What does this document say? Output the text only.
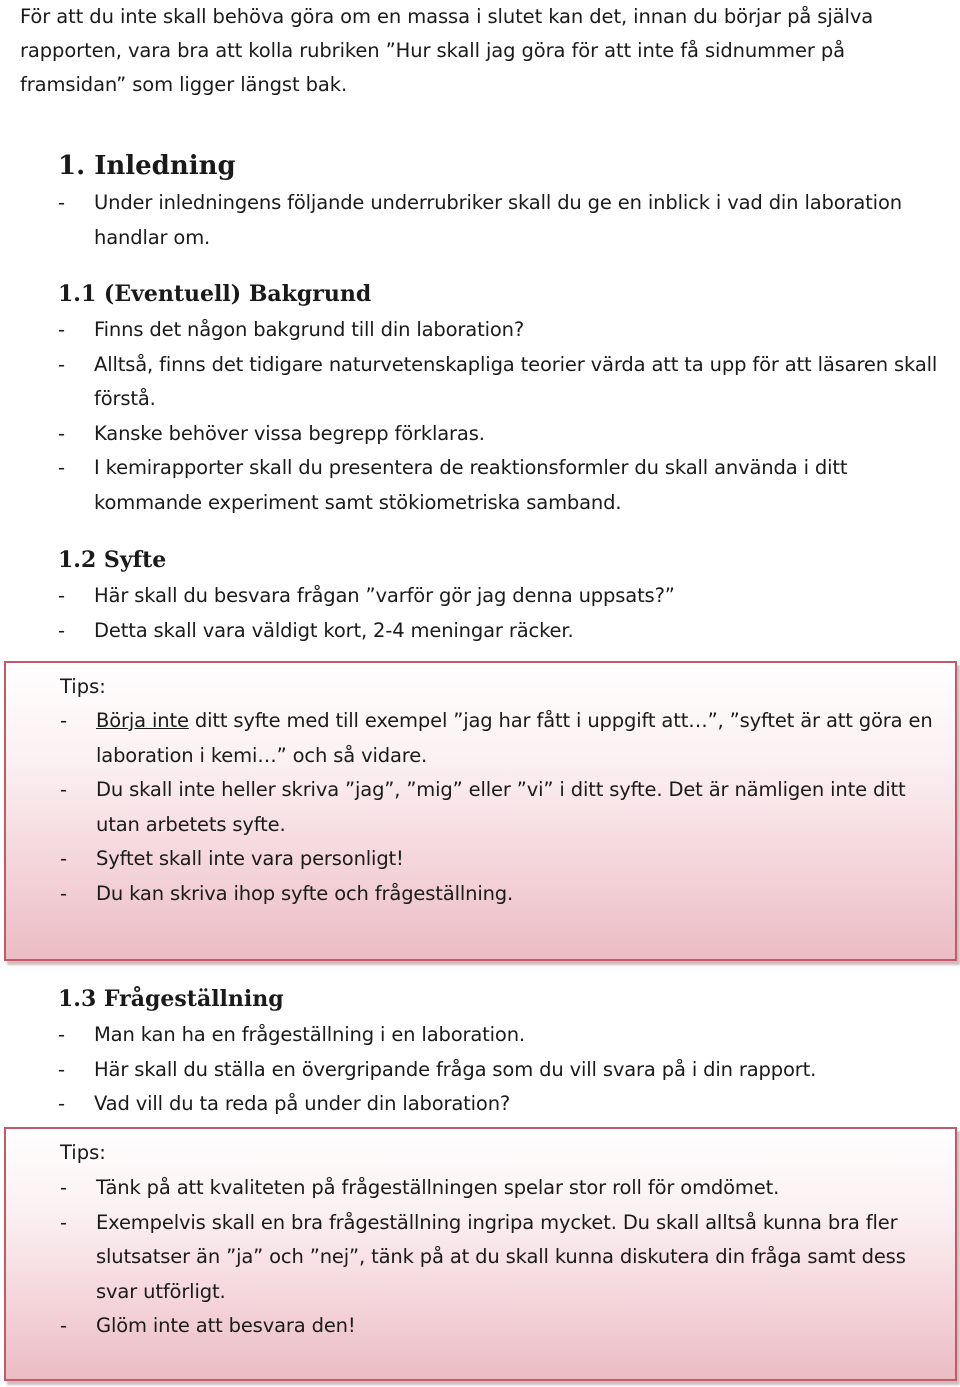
För att du inte skall behöva göra om en massa i slutet kan det, innan du börjar på själva rapporten, vara bra att kolla rubriken ”Hur skall jag göra för att inte få sidnummer på framsidan” som ligger längst bak.

1. Inledning
- Under inledningens följande underrubriker skall du ge en inblick i vad din laboration handlar om.
1.1 (Eventuell) Bakgrund
- Finns det någon bakgrund till din laboration?
- Alltså, finns det tidigare naturvetenskapliga teorier värda att ta upp för att läsaren skall förstå.
- Kanske behöver vissa begrepp förklaras.
- I kemirapporter skall du presentera de reaktionsformler du skall använda i ditt kommande experiment samt stökiometriska samband.
1.2 Syfte
- Här skall du besvara frågan ”varför gör jag denna uppsats?”
- Detta skall vara väldigt kort, 2-4 meningar räcker.

Tips:

- Börja inte ditt syfte med till exempel ”jag har fått i uppgift att…”, ”syftet är att göra en laboration i kemi…” och så vidare.
- Du skall inte heller skriva ”jag”, ”mig” eller ”vi” i ditt syfte. Det är nämligen inte ditt utan arbetets syfte.
- Syftet skall inte vara personligt!
- Du kan skriva ihop syfte och frågeställning.
1.3 Frågeställning
- Man kan ha en frågeställning i en laboration.
- Här skall du ställa en övergripande fråga som du vill svara på i din rapport.
- Vad vill du ta reda på under din laboration?

Tips:

- Tänk på att kvaliteten på frågeställningen spelar stor roll för omdömet.
- Exempelvis skall en bra frågeställning ingripa mycket. Du skall alltså kunna bra fler slutsatser än ”ja” och ”nej”, tänk på at du skall kunna diskutera din fråga samt dess svar utförligt.
- Glöm inte att besvara den!
